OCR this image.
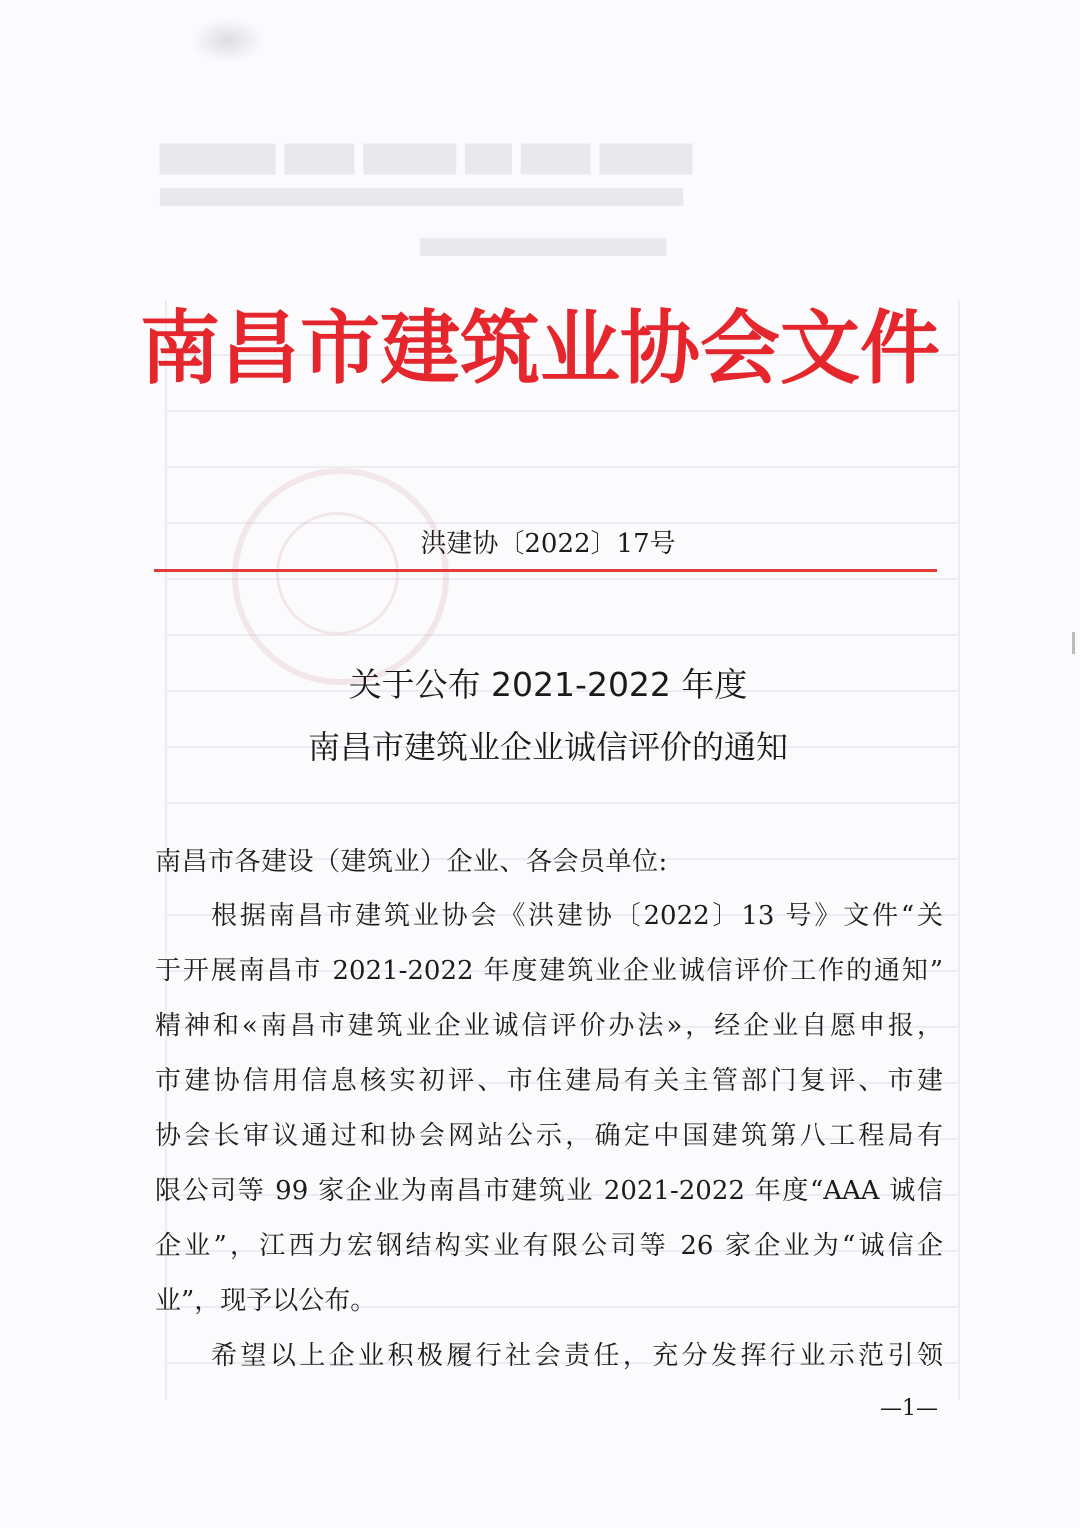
▇▇▇▇ ▇▇▇ ▇▇ ▇▇▇▇ ▇▇▇ ▇▇▇▇▇
▆▆▆▆▆▆▆▆▆▆▆▆▆▆▆▆▆▆▆▆▆▆▆▆▆▆▆▆▆▆▆▆▆▆
▆▆▆▆▆▆▆▆▆▆▆▆▆▆▆▆
南昌市建筑业协会文件
洪建协〔2022〕17号
关于公布 2021-2022 年度
南昌市建筑业企业诚信评价的通知
南昌市各建设（建筑业）企业、各会员单位:
根据南昌市建筑业协会《洪建协〔2022〕13 号》文件“关
于开展南昌市 2021-2022 年度建筑业企业诚信评价工作的通知”
精神和«南昌市建筑业企业诚信评价办法»，经企业自愿申报，
市建协信用信息核实初评、市住建局有关主管部门复评、市建
协会长审议通过和协会网站公示，确定中国建筑第八工程局有
限公司等 99 家企业为南昌市建筑业 2021-2022 年度“AAA 诚信
企业”，江西力宏钢结构实业有限公司等 26 家企业为“诚信企
业”，现予以公布。
希望以上企业积极履行社会责任，充分发挥行业示范引领
—1—
